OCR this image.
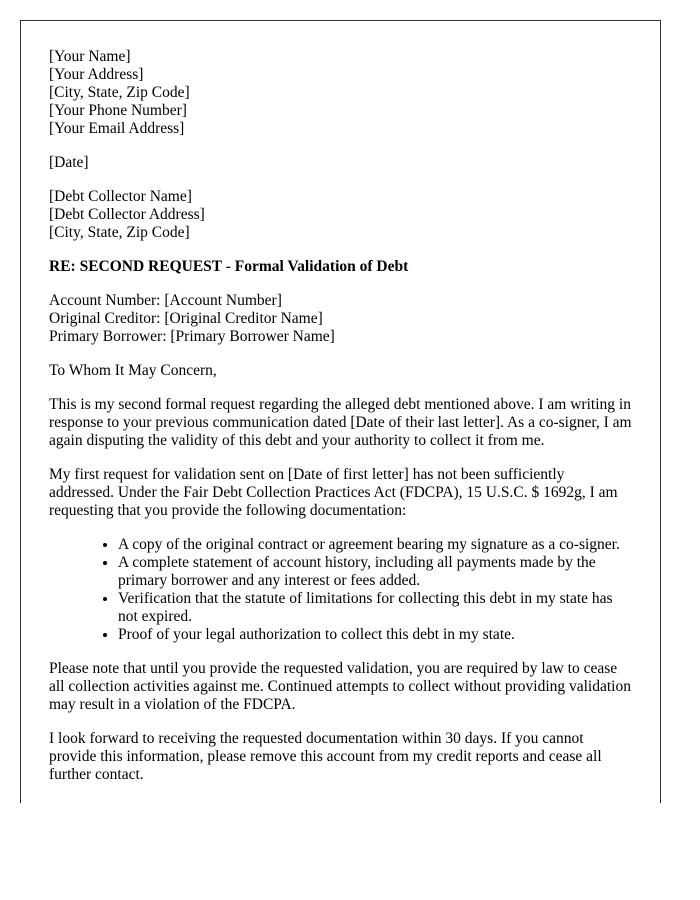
[Your Name]
[Your Address]
[City, State, Zip Code]
[Your Phone Number]
[Your Email Address]

[Date]

[Debt Collector Name]
[Debt Collector Address]
[City, State, Zip Code]

RE: SECOND REQUEST - Formal Validation of Debt

Account Number: [Account Number]
Original Creditor: [Original Creditor Name]
Primary Borrower: [Primary Borrower Name]

To Whom It May Concern,

This is my second formal request regarding the alleged debt mentioned above. I am writing in response to your previous communication dated [Date of their last letter]. As a co-signer, I am again disputing the validity of this debt and your authority to collect it from me.

My first request for validation sent on [Date of first letter] has not been sufficiently addressed. Under the Fair Debt Collection Practices Act (FDCPA), 15 U.S.C. $ 1692g, I am requesting that you provide the following documentation:

• A copy of the original contract or agreement bearing my signature as a co-signer.
• A complete statement of account history, including all payments made by the primary borrower and any interest or fees added.
• Verification that the statute of limitations for collecting this debt in my state has not expired.
• Proof of your legal authorization to collect this debt in my state.

Please note that until you provide the requested validation, you are required by law to cease all collection activities against me. Continued attempts to collect without providing validation may result in a violation of the FDCPA.

I look forward to receiving the requested documentation within 30 days. If you cannot provide this information, please remove this account from my credit reports and cease all further contact.
